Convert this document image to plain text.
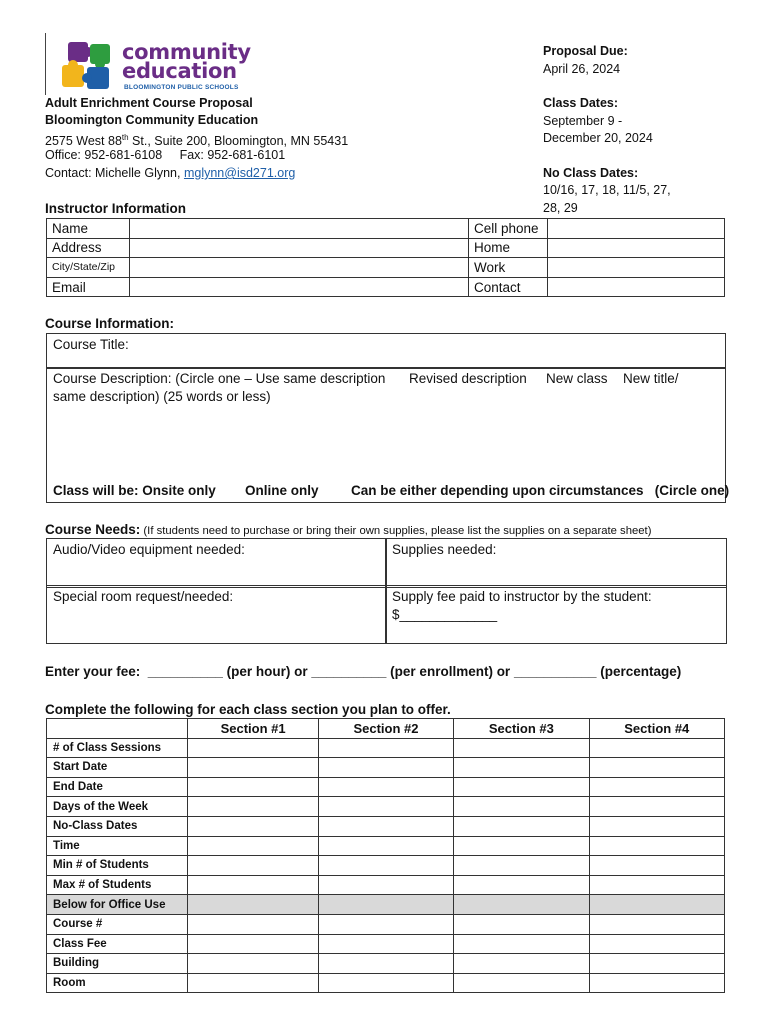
community
education
BLOOMINGTON PUBLIC SCHOOLS
Adult Enrichment Course Proposal
Bloomington Community Education
2575 West 88th St., Suite 200, Bloomington, MN 55431
Office: 952-681-6108     Fax: 952-681-6101
Contact: Michelle Glynn, mglynn@isd271.org
Proposal Due:
April 26, 2024
Class Dates:
September 9 -
December 20, 2024
No Class Dates:
10/16, 17, 18, 11/5, 27,
28, 29
Instructor Information
Name		Cell phone	
Address		Home	
City/State/Zip		Work	
Email		Contact	
Course Information:
Course Title:
Course Description: (Circle one – Use same description Revised description New class New title/
same description) (25 words or less)
Class will be: Onsite only Online only Can be either depending upon circumstances   (Circle one)
Course Needs: (If students need to purchase or bring their own supplies, please list the supplies on a separate sheet)
Audio/Video equipment needed:	Supplies needed:
Special room request/needed:	Supply fee paid to instructor by the student:
$_____________
Enter your fee:  __________ (per hour) or __________ (per enrollment) or ___________ (percentage)
Complete the following for each class section you plan to offer.
	Section #1	Section #2	Section #3	Section #4
# of Class Sessions				
Start Date				
End Date				
Days of the Week				
No-Class Dates				
Time				
Min # of Students				
Max # of Students				
Below for Office Use				
Course #				
Class Fee				
Building				
Room				
